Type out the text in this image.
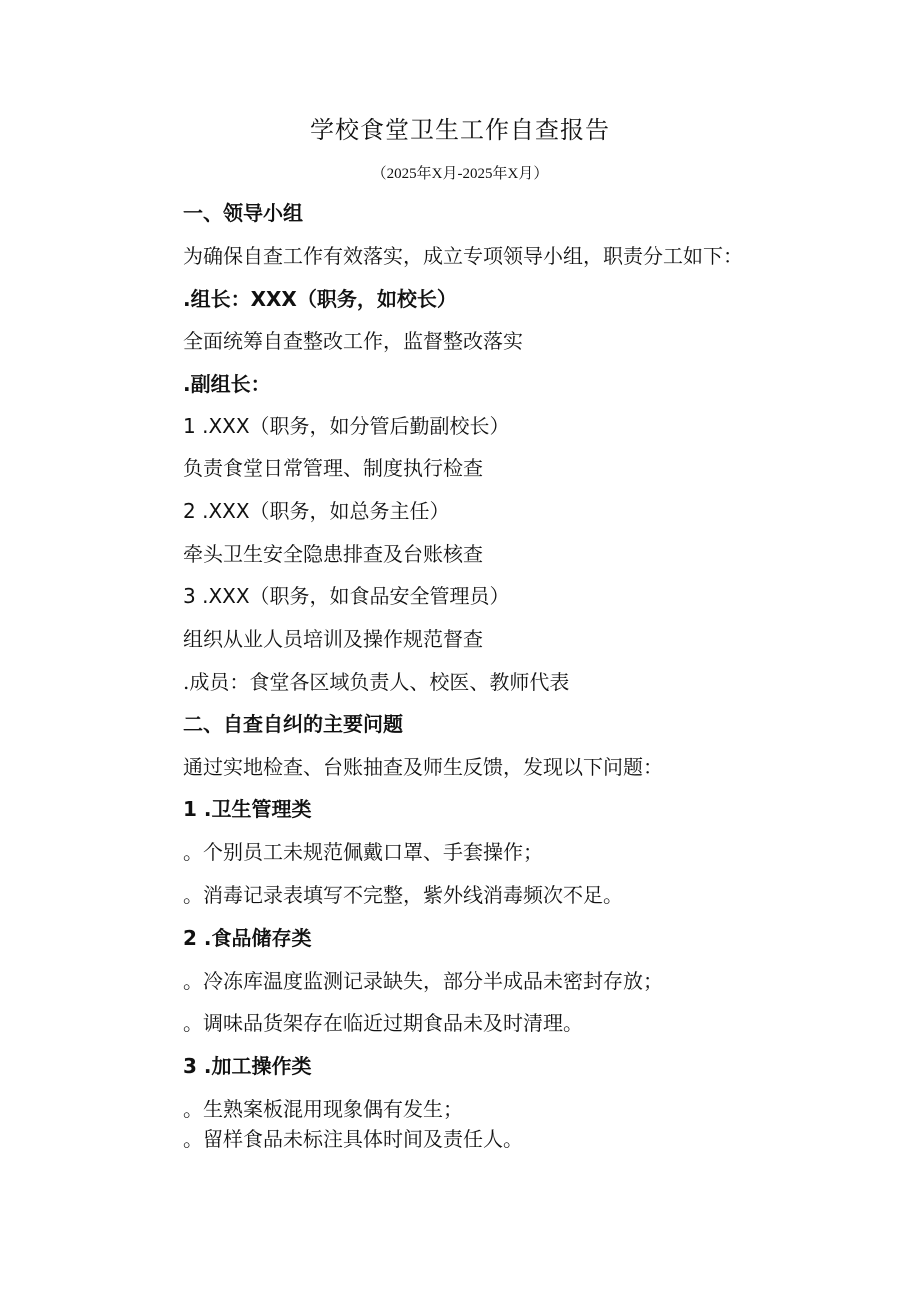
学校食堂卫生工作自查报告
（2025年X月-2025年X月）
一、领导小组
为确保自查工作有效落实，成立专项领导小组，职责分工如下：
.组长：XXX（职务，如校长）
全面统筹自查整改工作，监督整改落实
.副组长：
1 .XXX（职务，如分管后勤副校长）
负责食堂日常管理、制度执行检查
2 .XXX（职务，如总务主任）
牵头卫生安全隐患排查及台账核查
3 .XXX（职务，如食品安全管理员）
组织从业人员培训及操作规范督查
.成员：食堂各区域负责人、校医、教师代表
二、自查自纠的主要问题
通过实地检查、台账抽查及师生反馈，发现以下问题：
1 .卫生管理类
。个别员工未规范佩戴口罩、手套操作；
。消毒记录表填写不完整，紫外线消毒频次不足。
2 .食品储存类
。冷冻库温度监测记录缺失，部分半成品未密封存放；
。调味品货架存在临近过期食品未及时清理。
3 .加工操作类
。生熟案板混用现象偶有发生；
。留样食品未标注具体时间及责任人。
